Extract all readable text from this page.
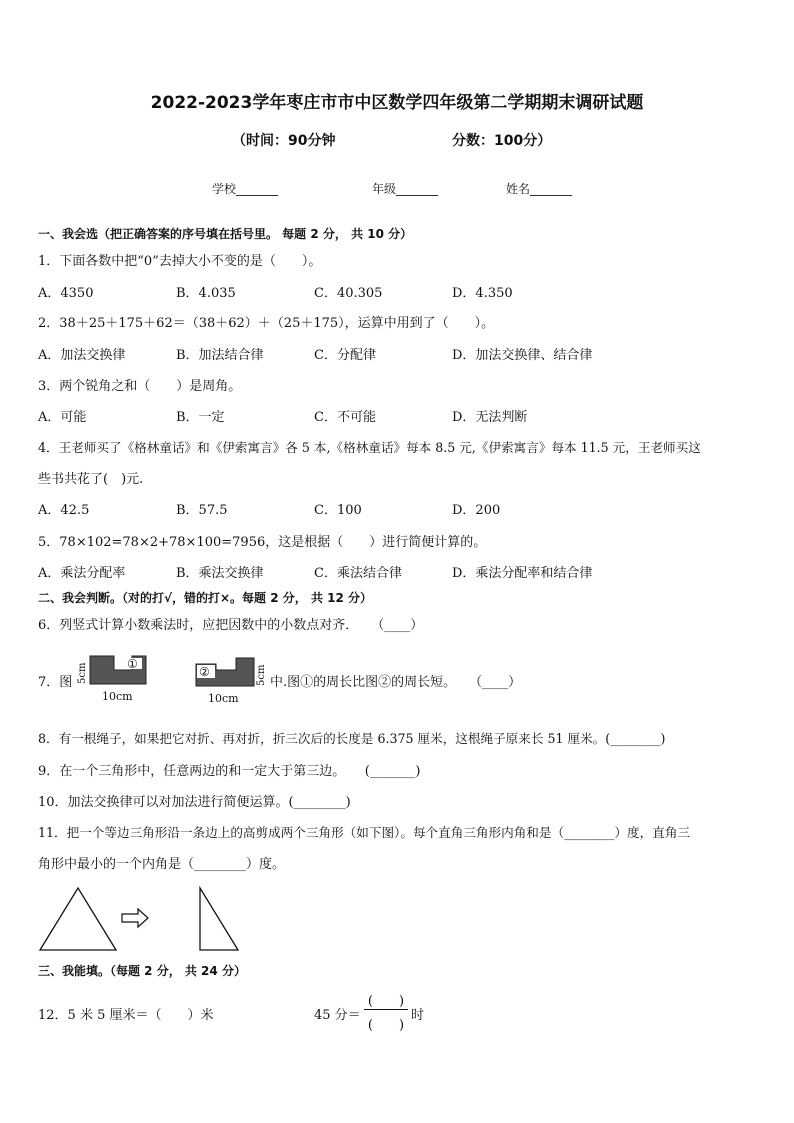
2022-2023学年枣庄市市中区数学四年级第二学期期末调研试题
（时间：90分钟	分数：100分）
学校_______	年级_______	姓名_______
一、我会选（把正确答案的序号填在括号里。 每题 2 分， 共 10 分）
1．下面各数中把“0”去掉大小不变的是（　　）。
A．4350	B．4.035	C．40.305	D．4.350
2．38＋25＋175＋62＝（38＋62）＋（25＋175），运算中用到了（　　）。
A．加法交换律	B．加法结合律	C．分配律	D．加法交换律、结合律
3．两个锐角之和（　　）是周角。
A．可能	B．一定	C．不可能	D．无法判断
4．王老师买了《格林童话》和《伊索寓言》各 5 本,《格林童话》每本 8.5 元,《伊索寓言》每本 11.5 元，王老师买这
些书共花了(　)元.
A．42.5	B．57.5	C．100	D．200
5．78×102=78×2+78×100=7956，这是根据（　　）进行简便计算的。
A．乘法分配率	B．乘法交换律	C．乘法结合律	D．乘法分配率和结合律
二、我会判断。（对的打√，错的打×。每题 2 分， 共 12 分）
6．列竖式计算小数乘法时，应把因数中的小数点对齐．　　（____）
7．图
①
5cm
10cm
②	5cm
10cm
中.图①的周长比图②的周长短。　　（____）
8．有一根绳子，如果把它对折、再对折，折三次后的长度是 6.375 厘米，这根绳子原来长 51 厘米。(________)
9．在一个三角形中，任意两边的和一定大于第三边。　　(_______)
10．加法交换律可以对加法进行简便运算。(________)
11．把一个等边三角形沿一条边上的高剪成两个三角形（如下图）。每个直角三角形内角和是（________）度，直角三
角形中最小的一个内角是（________）度。
三、我能填。（每题 2 分， 共 24 分）
12．5 米 5 厘米＝（　　）米	45 分＝
(　　)
(　　)
时
